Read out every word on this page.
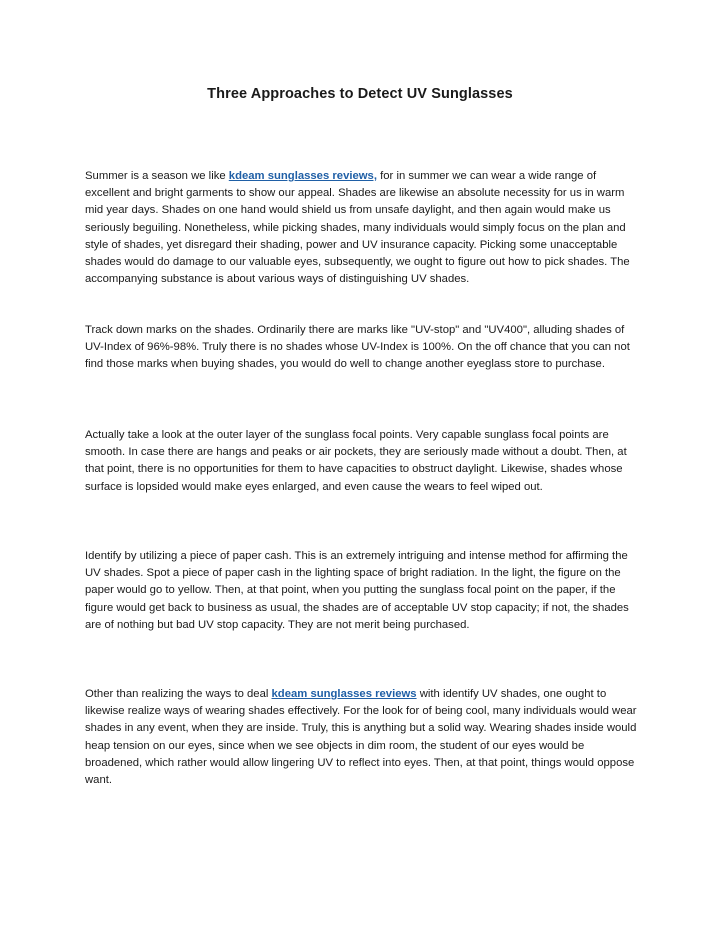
Three Approaches to Detect UV Sunglasses

Summer is a season we like kdeam sunglasses reviews, for in summer we can wear a wide range of excellent and bright garments to show our appeal. Shades are likewise an absolute necessity for us in warm mid year days. Shades on one hand would shield us from unsafe daylight, and then again would make us seriously beguiling. Nonetheless, while picking shades, many individuals would simply focus on the plan and style of shades, yet disregard their shading, power and UV insurance capacity. Picking some unacceptable shades would do damage to our valuable eyes, subsequently, we ought to figure out how to pick shades. The accompanying substance is about various ways of distinguishing UV shades.

Track down marks on the shades. Ordinarily there are marks like "UV-stop" and "UV400", alluding shades of UV-Index of 96%-98%. Truly there is no shades whose UV-Index is 100%. On the off chance that you can not find those marks when buying shades, you would do well to change another eyeglass store to purchase.

Actually take a look at the outer layer of the sunglass focal points. Very capable sunglass focal points are smooth. In case there are hangs and peaks or air pockets, they are seriously made without a doubt. Then, at that point, there is no opportunities for them to have capacities to obstruct daylight. Likewise, shades whose surface is lopsided would make eyes enlarged, and even cause the wears to feel wiped out.

Identify by utilizing a piece of paper cash. This is an extremely intriguing and intense method for affirming the UV shades. Spot a piece of paper cash in the lighting space of bright radiation. In the light, the figure on the paper would go to yellow. Then, at that point, when you putting the sunglass focal point on the paper, if the figure would get back to business as usual, the shades are of acceptable UV stop capacity; if not, the shades are of nothing but bad UV stop capacity. They are not merit being purchased.

Other than realizing the ways to deal kdeam sunglasses reviews with identify UV shades, one ought to likewise realize ways of wearing shades effectively. For the look for of being cool, many individuals would wear shades in any event, when they are inside. Truly, this is anything but a solid way. Wearing shades inside would heap tension on our eyes, since when we see objects in dim room, the student of our eyes would be broadened, which rather would allow lingering UV to reflect into eyes. Then, at that point, things would oppose want.
